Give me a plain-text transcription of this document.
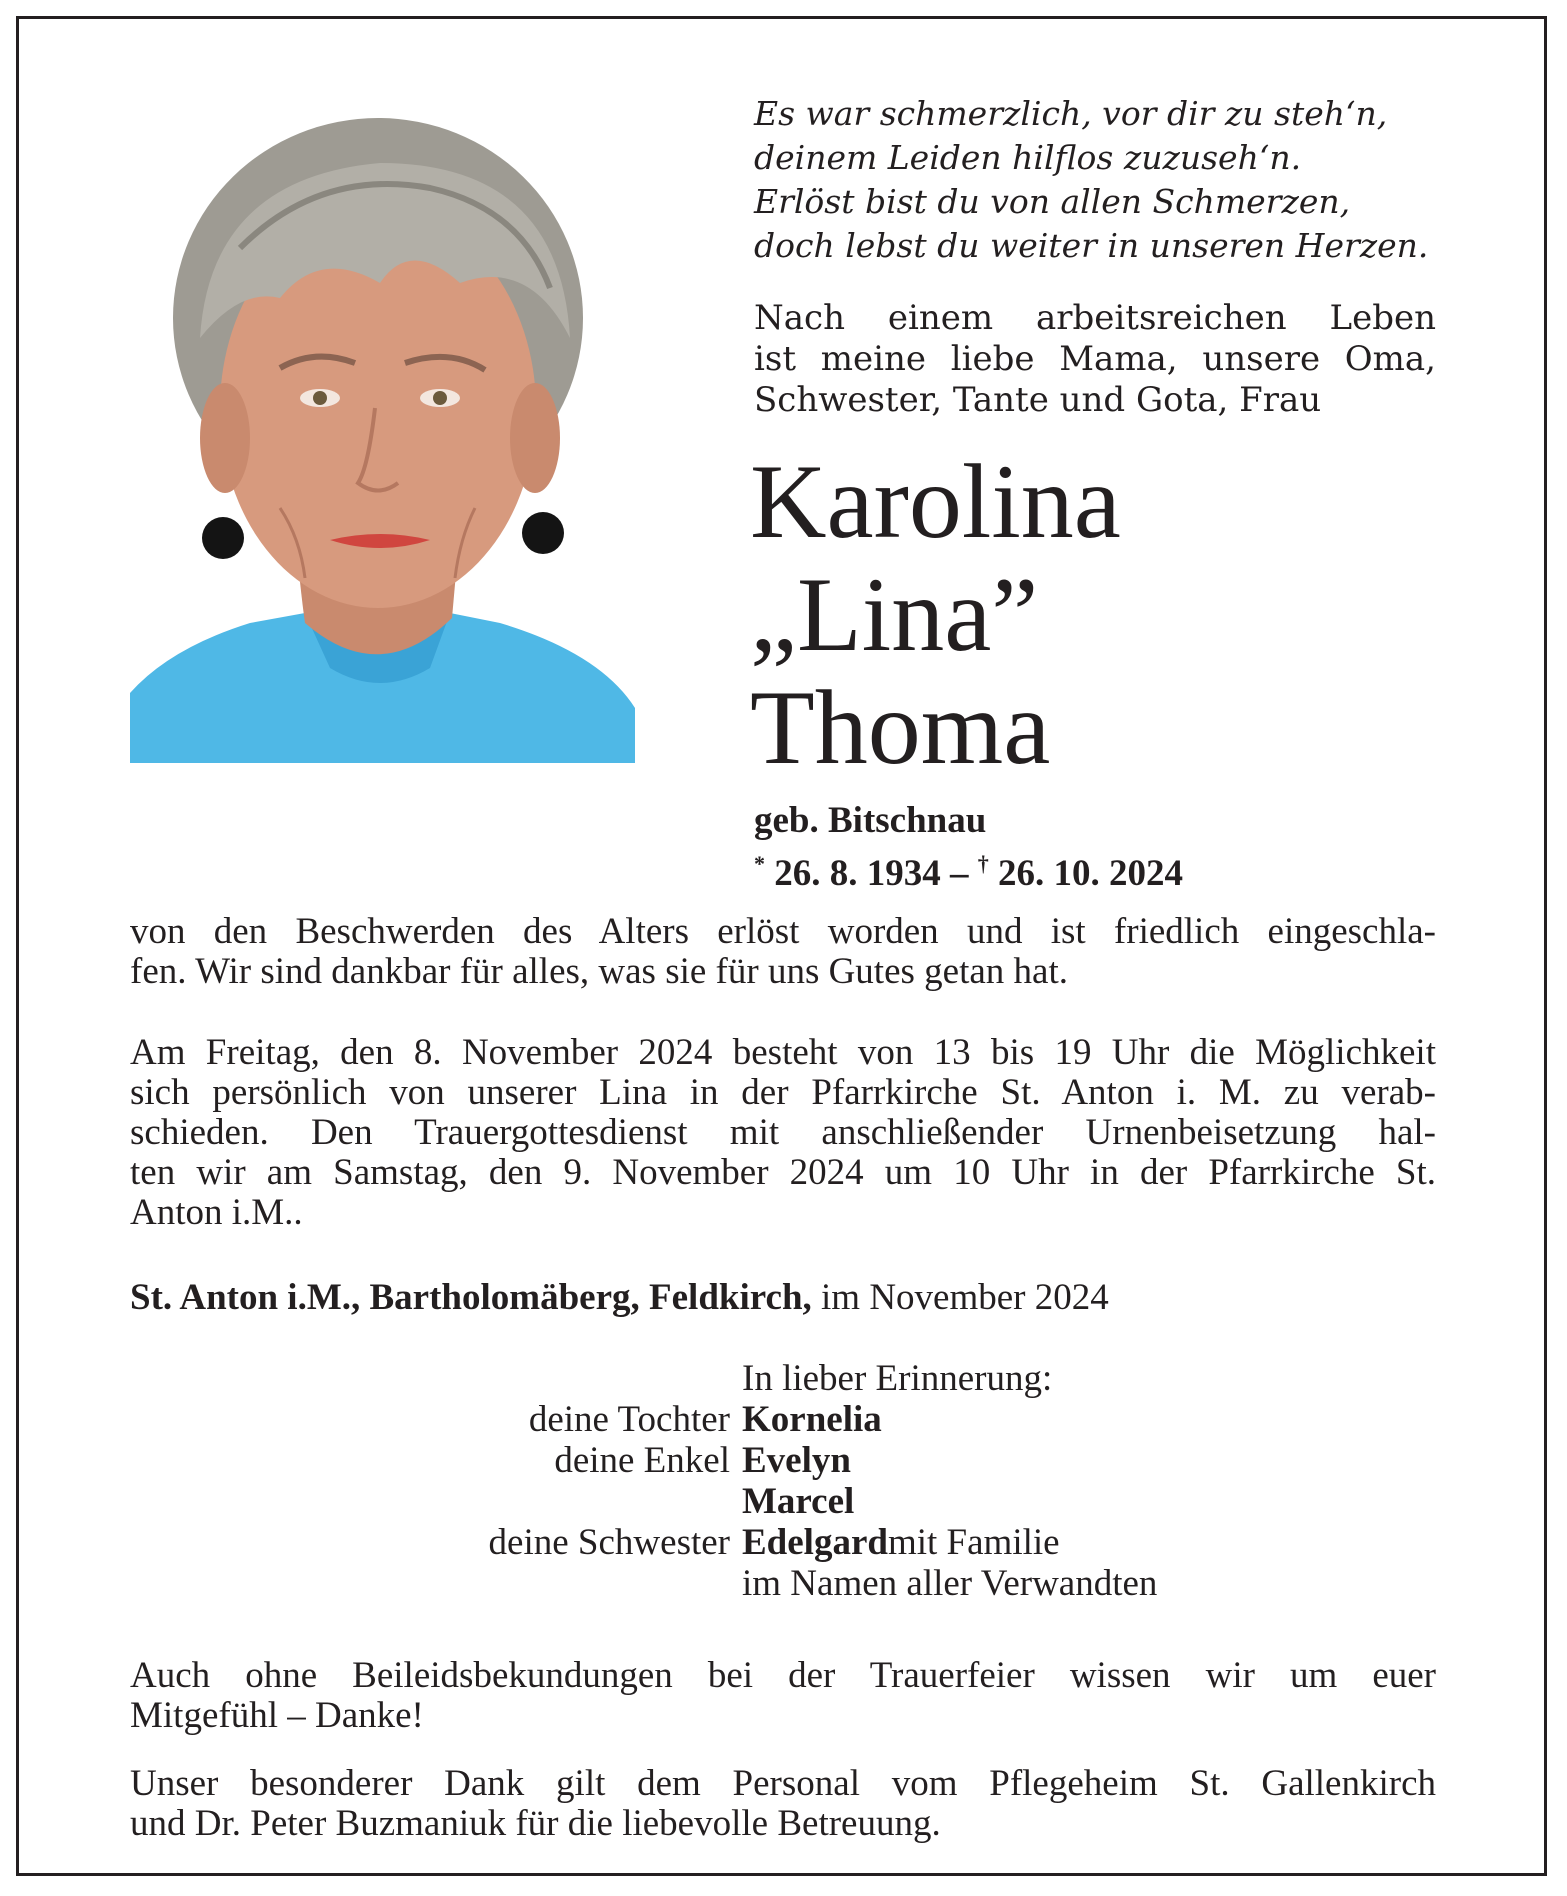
Es war schmerzlich, vor dir zu steh‘n,
deinem Leiden hilflos zuzuseh‘n.
Erlöst bist du von allen Schmerzen,
doch lebst du weiter in unseren Herzen.
Nach einem arbeitsreichen Leben
ist meine liebe Mama, unsere Oma,
Schwester, Tante und Gota, Frau
Karolina
„Lina”
Thoma
geb. Bitschnau
* 26. 8. 1934 – † 26. 10. 2024
von den Beschwerden des Alters erlöst worden und ist friedlich eingeschla-
fen. Wir sind dankbar für alles, was sie für uns Gutes getan hat.
Am Freitag, den 8. November 2024 besteht von 13 bis 19 Uhr die Möglichkeit
sich persönlich von unserer Lina in der Pfarrkirche St. Anton i. M. zu verab-
schieden. Den Trauergottesdienst mit anschließender Urnenbeisetzung hal-
ten wir am Samstag, den 9. November 2024 um 10 Uhr in der Pfarrkirche St.
Anton i.M..
St. Anton i.M., Bartholomäberg, Feldkirch, im November 2024
In lieber Erinnerung:
deine Tochter Kornelia
deine Enkel Evelyn
Marcel
deine Schwester Edelgard mit Familie
im Namen aller Verwandten
Auch ohne Beileidsbekundungen bei der Trauerfeier wissen wir um euer
Mitgefühl – Danke!
Unser besonderer Dank gilt dem Personal vom Pflegeheim St. Gallenkirch
und Dr. Peter Buzmaniuk für die liebevolle Betreuung.
